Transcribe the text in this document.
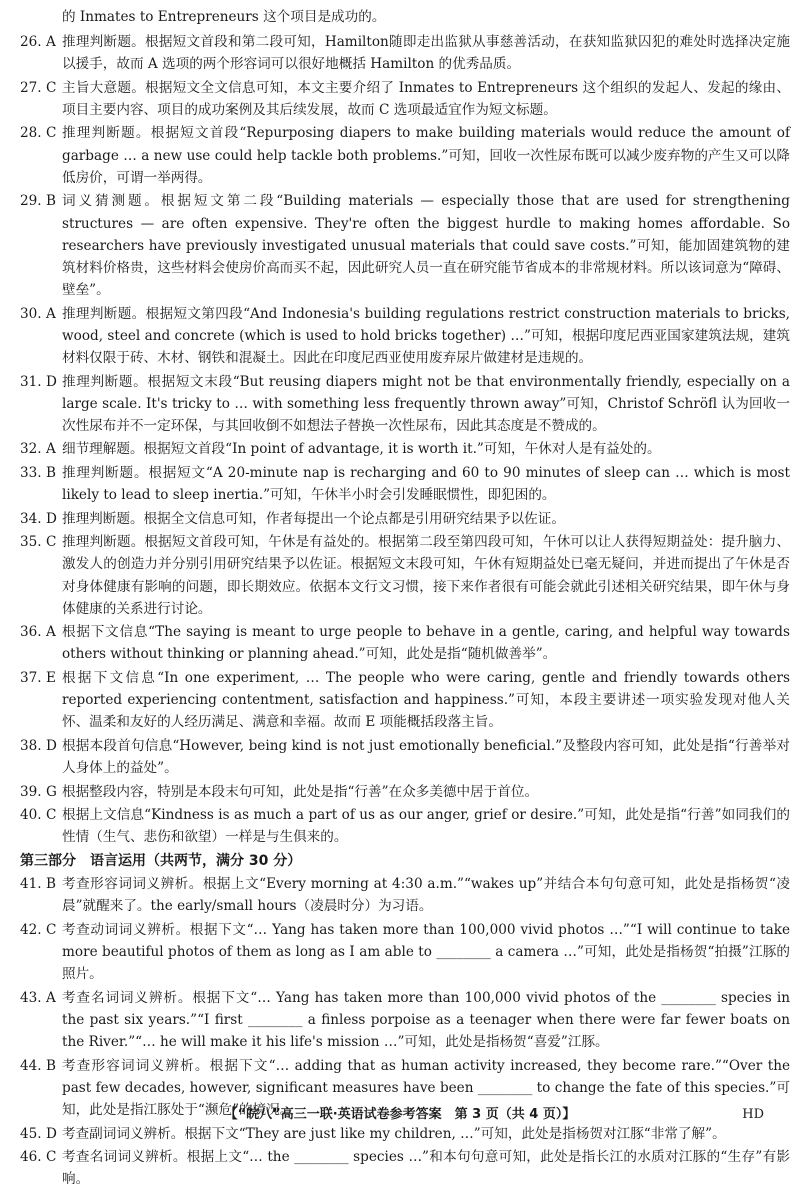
的 Inmates to Entrepreneurs 这个项目是成功的。
26. A 推理判断题。根据短文首段和第二段可知，Hamilton随即走出监狱从事慈善活动，在获知监狱囚犯的难处时选择决定施以援手，故而 A 选项的两个形容词可以很好地概括 Hamilton 的优秀品质。
27. C 主旨大意题。根据短文全文信息可知，本文主要介绍了 Inmates to Entrepreneurs 这个组织的发起人、发起的缘由、项目主要内容、项目的成功案例及其后续发展，故而 C 选项最适宜作为短文标题。
28. C 推理判断题。根据短文首段“Repurposing diapers to make building materials would reduce the amount of garbage … a new use could help tackle both problems.”可知，回收一次性尿布既可以减少废弃物的产生又可以降低房价，可谓一举两得。
29. B 词义猜测题。根据短文第二段“Building materials — especially those that are used for strengthening structures — are often expensive. They're often the biggest hurdle to making homes affordable. So researchers have previously investigated unusual materials that could save costs.”可知，能加固建筑物的建筑材料价格贵，这些材料会使房价高而买不起，因此研究人员一直在研究能节省成本的非常规材料。所以该词意为“障碍、壁垒”。
30. A 推理判断题。根据短文第四段“And Indonesia's building regulations restrict construction materials to bricks, wood, steel and concrete (which is used to hold bricks together) …”可知，根据印度尼西亚国家建筑法规，建筑材料仅限于砖、木材、钢铁和混凝土。因此在印度尼西亚使用废弃尿片做建材是违规的。
31. D 推理判断题。根据短文末段“But reusing diapers might not be that environmentally friendly, especially on a large scale. It's tricky to … with something less frequently thrown away”可知，Christof Schröfl 认为回收一次性尿布并不一定环保，与其回收倒不如想法子替换一次性尿布，因此其态度是不赞成的。
32. A 细节理解题。根据短文首段“In point of advantage, it is worth it.”可知，午休对人是有益处的。
33. B 推理判断题。根据短文“A 20-minute nap is recharging and 60 to 90 minutes of sleep can … which is most likely to lead to sleep inertia.”可知，午休半小时会引发睡眠惯性，即犯困的。
34. D 推理判断题。根据全文信息可知，作者每提出一个论点都是引用研究结果予以佐证。
35. C 推理判断题。根据短文首段可知，午休是有益处的。根据第二段至第四段可知，午休可以让人获得短期益处：提升脑力、激发人的创造力并分别引用研究结果予以佐证。根据短文末段可知，午休有短期益处已毫无疑问，并进而提出了午休是否对身体健康有影响的问题，即长期效应。依据本文行文习惯，接下来作者很有可能会就此引述相关研究结果，即午休与身体健康的关系进行讨论。
36. A 根据下文信息“The saying is meant to urge people to behave in a gentle, caring, and helpful way towards others without thinking or planning ahead.”可知，此处是指“随机做善举”。
37. E 根据下文信息“In one experiment, … The people who were caring, gentle and friendly towards others reported experiencing contentment, satisfaction and happiness.”可知，本段主要讲述一项实验发现对他人关怀、温柔和友好的人经历满足、满意和幸福。故而 E 项能概括段落主旨。
38. D 根据本段首句信息“However, being kind is not just emotionally beneficial.”及整段内容可知，此处是指“行善举对人身体上的益处”。
39. G 根据整段内容，特别是本段末句可知，此处是指“行善”在众多美德中居于首位。
40. C 根据上文信息“Kindness is as much a part of us as our anger, grief or desire.”可知，此处是指“行善”如同我们的性情（生气、悲伤和欲望）一样是与生俱来的。
第三部分　语言运用（共两节，满分 30 分）
41. B 考查形容词词义辨析。根据上文“Every morning at 4:30 a.m.”“wakes up”并结合本句句意可知，此处是指杨贺“凌晨”就醒来了。the early/small hours（凌晨时分）为习语。
42. C 考查动词词义辨析。根据下文“… Yang has taken more than 100,000 vivid photos …”“I will continue to take more beautiful photos of them as long as I am able to ________ a camera …”可知，此处是指杨贺“拍摄”江豚的照片。
43. A 考查名词词义辨析。根据下文“… Yang has taken more than 100,000 vivid photos of the ________ species in the past six years.”“I first ________ a finless porpoise as a teenager when there were far fewer boats on the River.”“… he will make it his life's mission …”可知，此处是指杨贺“喜爱”江豚。
44. B 考查形容词词义辨析。根据下文“… adding that as human activity increased, they become rare.”“Over the past few decades, however, significant measures have been ________ to change the fate of this species.”可知，此处是指江豚处于“濒危”的境况。
45. D 考查副词词义辨析。根据下文“They are just like my children, …”可知，此处是指杨贺对江豚“非常了解”。
46. C 考查名词词义辨析。根据上文“… the ________ species …”和本句句意可知，此处是指长江的水质对江豚的“生存”有影响。
【“皖八”高三一联·英语试卷参考答案　第 3 页（共 4 页）】	HD
